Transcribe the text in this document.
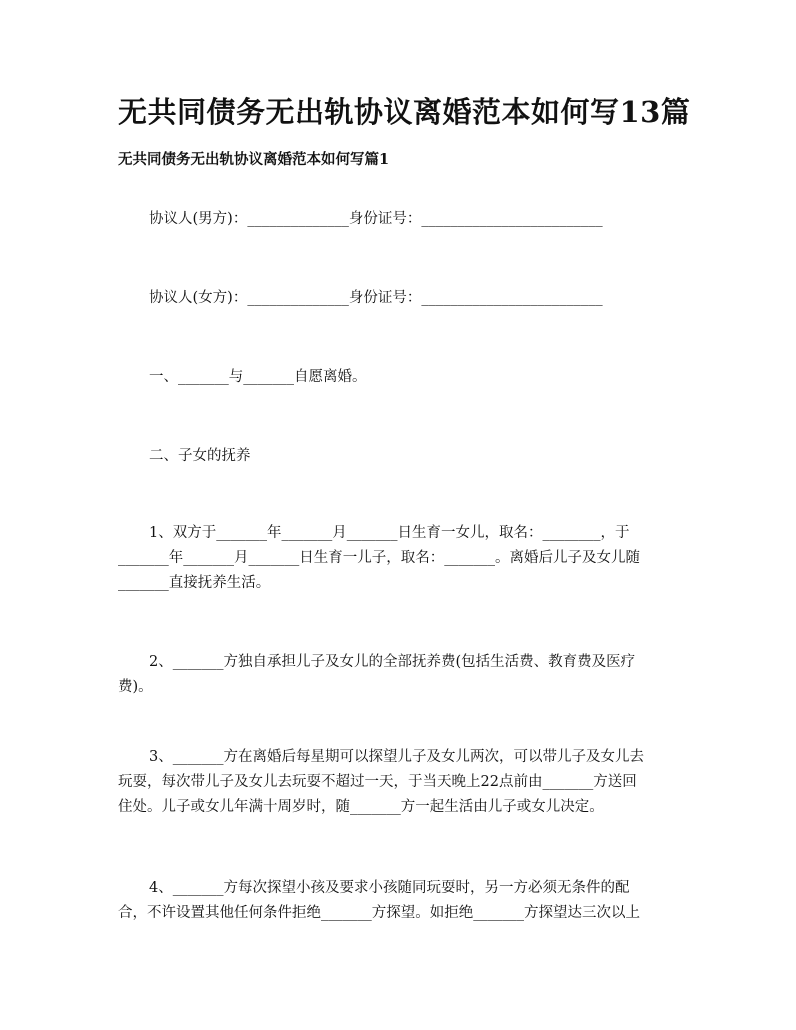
无共同债务无出轨协议离婚范本如何写13篇
无共同债务无出轨协议离婚范本如何写篇1
协议人(男方)：______________身份证号：_________________________
协议人(女方)：______________身份证号：_________________________
一、_______与_______自愿离婚。
二、子女的抚养
1、双方于_______年_______月_______日生育一女儿，取名：________，于
_______年_______月_______日生育一儿子，取名：_______。离婚后儿子及女儿随
_______直接抚养生活。
2、_______方独自承担儿子及女儿的全部抚养费(包括生活费、教育费及医疗
费)。
3、_______方在离婚后每星期可以探望儿子及女儿两次，可以带儿子及女儿去
玩耍，每次带儿子及女儿去玩耍不超过一天，于当天晚上22点前由_______方送回
住处。儿子或女儿年满十周岁时，随_______方一起生活由儿子或女儿决定。
4、_______方每次探望小孩及要求小孩随同玩耍时，另一方必须无条件的配
合，不许设置其他任何条件拒绝_______方探望。如拒绝_______方探望达三次以上
